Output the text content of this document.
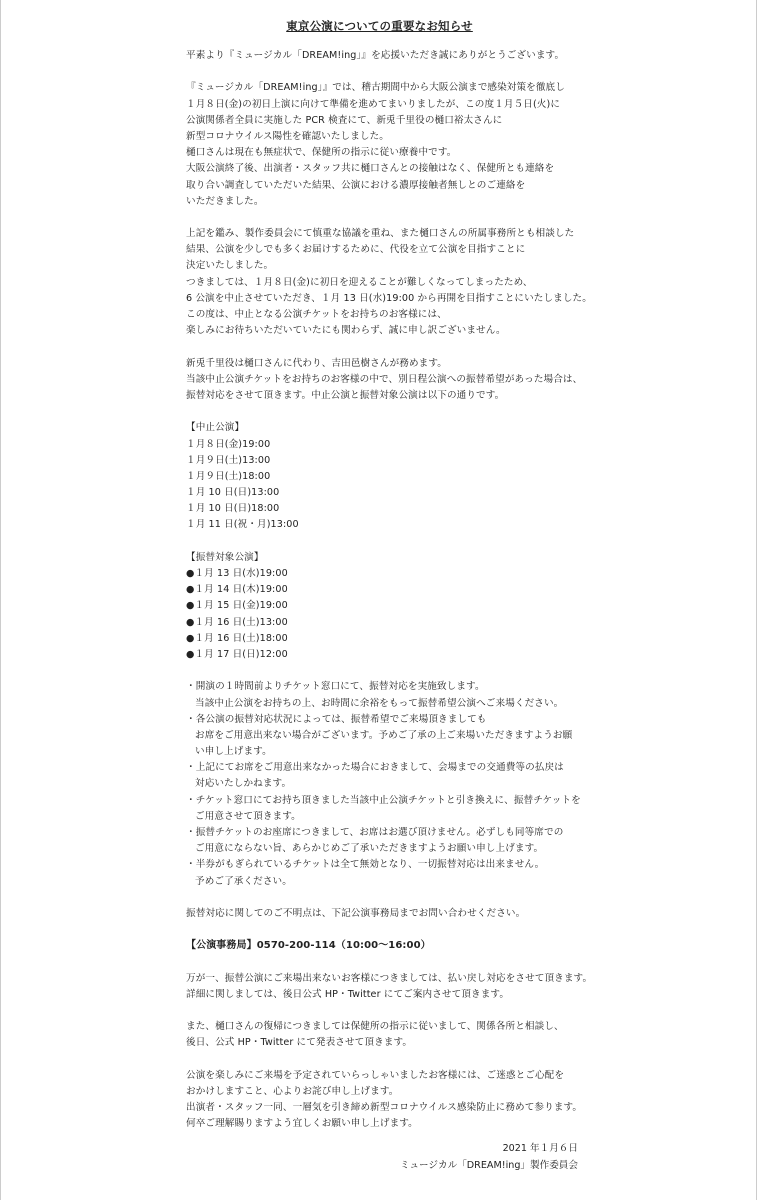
東京公演についての重要なお知らせ
平素より『ミュージカル「DREAM!ing」』を応援いただき誠にありがとうございます。
『ミュージカル「DREAM!ing」』では、稽古期間中から大阪公演まで感染対策を徹底し
１月８日(金)の初日上演に向けて準備を進めてまいりましたが、この度１月５日(火)に
公演関係者全員に実施した PCR 検査にて、新兎千里役の樋口裕太さんに
新型コロナウイルス陽性を確認いたしました。
樋口さんは現在も無症状で、保健所の指示に従い療養中です。
大阪公演終了後、出演者・スタッフ共に樋口さんとの接触はなく、保健所とも連絡を
取り合い調査していただいた結果、公演における濃厚接触者無しとのご連絡を
いただきました。
上記を鑑み、製作委員会にて慎重な協議を重ね、また樋口さんの所属事務所とも相談した
結果、公演を少しでも多くお届けするために、代役を立て公演を目指すことに
決定いたしました。
つきましては、１月８日(金)に初日を迎えることが難しくなってしまったため、
6 公演を中止させていただき、１月 13 日(水)19:00 から再開を目指すことにいたしました。
この度は、中止となる公演チケットをお持ちのお客様には、
楽しみにお待ちいただいていたにも関わらず、誠に申し訳ございません。
新兎千里役は樋口さんに代わり、吉田邑樹さんが務めます。
当該中止公演チケットをお持ちのお客様の中で、別日程公演への振替希望があった場合は、
振替対応をさせて頂きます。中止公演と振替対象公演は以下の通りです。
【中止公演】
１月８日(金)19:00
１月９日(土)13:00
１月９日(土)18:00
１月 10 日(日)13:00
１月 10 日(日)18:00
１月 11 日(祝・月)13:00
【振替対象公演】
●１月 13 日(水)19:00
●１月 14 日(木)19:00
●１月 15 日(金)19:00
●１月 16 日(土)13:00
●１月 16 日(土)18:00
●１月 17 日(日)12:00
・開演の１時間前よりチケット窓口にて、振替対応を実施致します。
当該中止公演をお持ちの上、お時間に余裕をもって振替希望公演へご来場ください。
・各公演の振替対応状況によっては、振替希望でご来場頂きましても
お席をご用意出来ない場合がございます。予めご了承の上ご来場いただきますようお願
い申し上げます。
・上記にてお席をご用意出来なかった場合におきまして、会場までの交通費等の払戻は
対応いたしかねます。
・チケット窓口にてお持ち頂きました当該中止公演チケットと引き換えに、振替チケットを
ご用意させて頂きます。
・振替チケットのお座席につきまして、お席はお選び頂けません。必ずしも同等席での
ご用意にならない旨、あらかじめご了承いただきますようお願い申し上げます。
・半券がもぎられているチケットは全て無効となり、一切振替対応は出来ません。
予めご了承ください。
振替対応に関してのご不明点は、下記公演事務局までお問い合わせください。
【公演事務局】0570-200-114（10:00～16:00）
万が一、振替公演にご来場出来ないお客様につきましては、払い戻し対応をさせて頂きます。
詳細に関しましては、後日公式 HP・Twitter にてご案内させて頂きます。
また、樋口さんの復帰につきましては保健所の指示に従いまして、関係各所と相談し、
後日、公式 HP・Twitter にて発表させて頂きます。
公演を楽しみにご来場を予定されていらっしゃいましたお客様には、ご迷惑とご心配を
おかけしますこと、心よりお詫び申し上げます。
出演者・スタッフ一同、一層気を引き締め新型コロナウイルス感染防止に務めて参ります。
何卒ご理解賜りますよう宜しくお願い申し上げます。
2021 年１月６日
ミュージカル「DREAM!ing」製作委員会
